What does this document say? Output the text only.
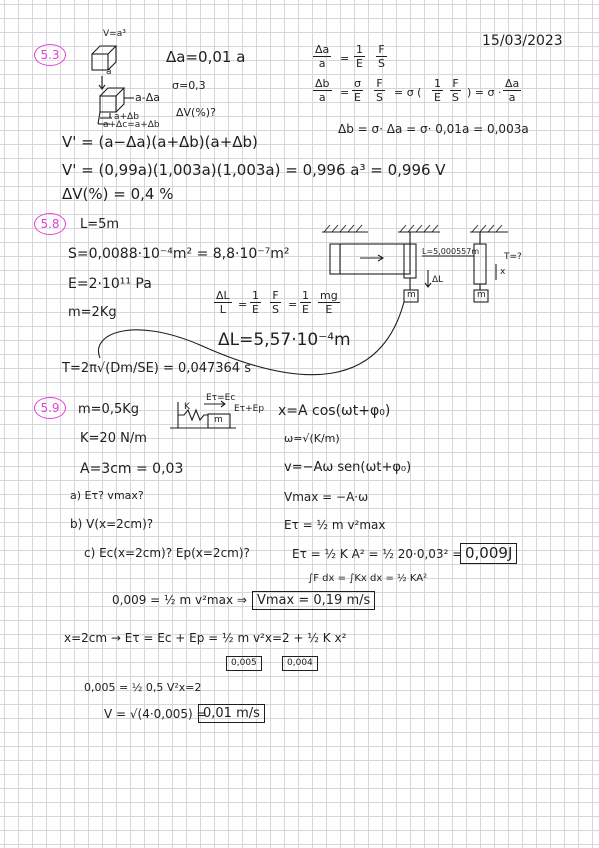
15/03/2023
5.3
V=a³
Δa=0,01 a
σ=0,3
ΔV(%)?
a
a-Δa
a+Δb
a+Δc=a+Δb
$\frac{\Delta a}{a} = \frac{1}{E} \frac{F}{S}$
$\frac{\Delta b}{a} = \frac{\sigma}{E} \frac{F}{S} = \sigma$ ( $\frac{1}{E} \frac{F}{S}$ ) = $\sigma \cdot \frac{\Delta a}{a}$
Δb = σ· Δa = σ· 0,01a = 0,003a
V' = (a−Δa)(a+Δb)(a+Δb)
V' = (0,99a)(1,003a)(1,003a) = 0,996 a³ = 0,996 V
ΔV(%) = 0,4 %
5.8	L=5m
S=0,0088·10⁻⁴m² = 8,8·10⁻⁷m²
E=2·10¹¹ Pa
m=2Kg	$\frac{\Delta L}{L} = \frac{1}{E} \frac{F}{S} = \frac{1}{E} \frac{mg}{E}$
ΔL=5,57·10⁻⁴m
T=2π√(Dm/SE) = 0,047364 s
L=5,000557m
T=?
ΔL
x
m	m
5.9	m=0,5Kg
K=20 N/m
A=3cm = 0,03
a) Eτ? vmax?
b) V(x=2cm)?
c) Ec(x=2cm)? Ep(x=2cm)?
K
Eτ=Ec
Eτ+Ep
m
x=A cos(ωt+φ₀)
ω=√(K/m)
v=−Aω sen(ωt+φ₀)
Vmax = −A·ω
Eτ = ½ m v²max
Eτ = ½ K A² = ½ 20·0,03² = 0,009J
∫F dx = ∫Kx dx = ½ KA²
0,009 = ½ m v²max ⇒ Vmax = 0,19 m/s
x=2cm → Eτ = Ec + Ep = ½ m v²x=2 + ½ K x²
0,005	0,004
0,005 = ½ 0,5 V²x=2
V = √(4·0,005) =
0,01 m/s
